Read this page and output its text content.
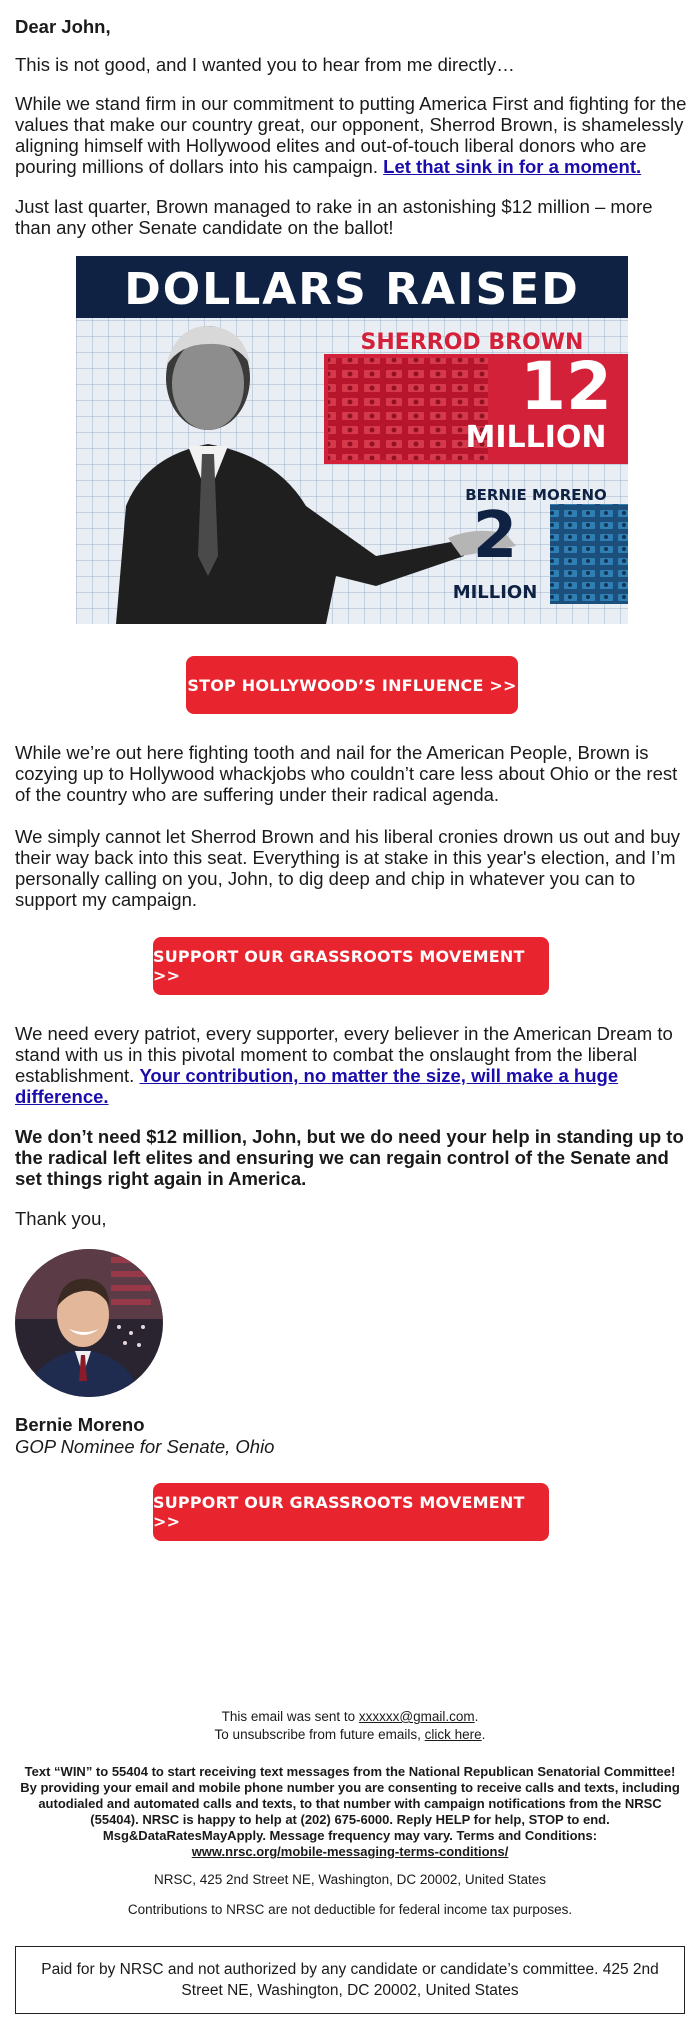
Dear John,

This is not good, and I wanted you to hear from me directly…

While we stand firm in our commitment to putting America First and fighting for the values that make our country great, our opponent, Sherrod Brown, is shamelessly aligning himself with Hollywood elites and out-of-touch liberal donors who are pouring millions of dollars into his campaign. Let that sink in for a moment.

Just last quarter, Brown managed to rake in an astonishing $12 million – more than any other Senate candidate on the ballot!

DOLLARS RAISED
SHERROD BROWN
12
MILLION
BERNIE MORENO
2
MILLION
STOP HOLLYWOOD’S INFLUENCE >>

While we’re out here fighting tooth and nail for the American People, Brown is cozying up to Hollywood whackjobs who couldn’t care less about Ohio or the rest of the country who are suffering under their radical agenda.

We simply cannot let Sherrod Brown and his liberal cronies drown us out and buy their way back into this seat. Everything is at stake in this year's election, and I’m personally calling on you, John, to dig deep and chip in whatever you can to support my campaign.

SUPPORT OUR GRASSROOTS MOVEMENT >>

We need every patriot, every supporter, every believer in the American Dream to stand with us in this pivotal moment to combat the onslaught from the liberal establishment. Your contribution, no matter the size, will make a huge difference.

We don’t need $12 million, John, but we do need your help in standing up to the radical left elites and ensuring we can regain control of the Senate and set things right again in America.

Thank you,

Bernie Moreno
GOP Nominee for Senate, Ohio
SUPPORT OUR GRASSROOTS MOVEMENT >>
This email was sent to xxxxxx@gmail.com.
To unsubscribe from future emails, click here.
Text “WIN” to 55404 to start receiving text messages from the National Republican Senatorial Committee! By providing your email and mobile phone number you are consenting to receive calls and texts, including autodialed and automated calls and texts, to that number with campaign notifications from the NRSC (55404). NRSC is happy to help at (202) 675-6000. Reply HELP for help, STOP to end. Msg&DataRatesMayApply. Message frequency may vary. Terms and Conditions:
www.nrsc.org/mobile-messaging-terms-conditions/
NRSC, 425 2nd Street NE, Washington, DC 20002, United States
Contributions to NRSC are not deductible for federal income tax purposes.
Paid for by NRSC and not authorized by any candidate or candidate’s committee. 425 2nd Street NE, Washington, DC 20002, United States
